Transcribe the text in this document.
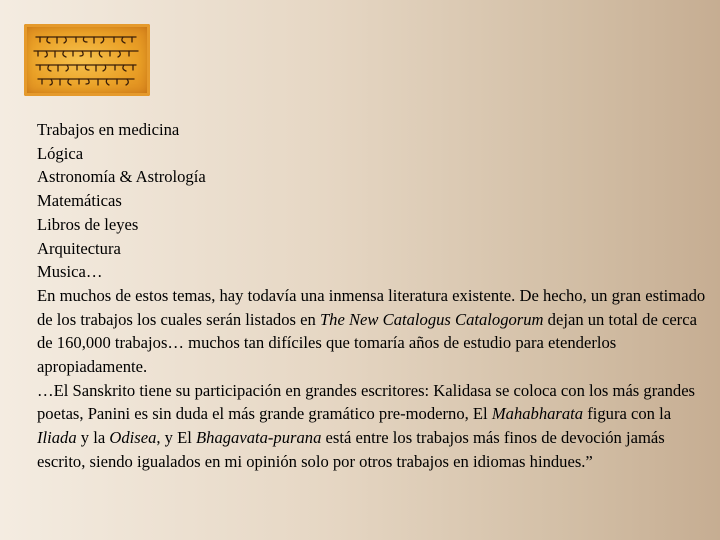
Trabajos en medicina
Lógica
Astronomía & Astrología
Matemáticas
Libros de leyes
Arquitectura
Musica…

En muchos de estos temas, hay todavía una inmensa literatura existente. De hecho, un gran estimado de los trabajos los cuales serán listados en The New Catalogus Catalogorum dejan un total de cerca de 160,000 trabajos… muchos tan difíciles que tomaría años de estudio para etenderlos apropiadamente.

…El Sanskrito tiene su participación en grandes escritores: Kalidasa se coloca con los más grandes poetas, Panini es sin duda el más grande gramático pre-moderno, El Mahabharata figura con la Iliada y la Odisea, y El Bhagavata-purana está entre los trabajos más finos de devoción jamás escrito, siendo igualados en mi opinión solo por otros trabajos en idiomas hindues.”
